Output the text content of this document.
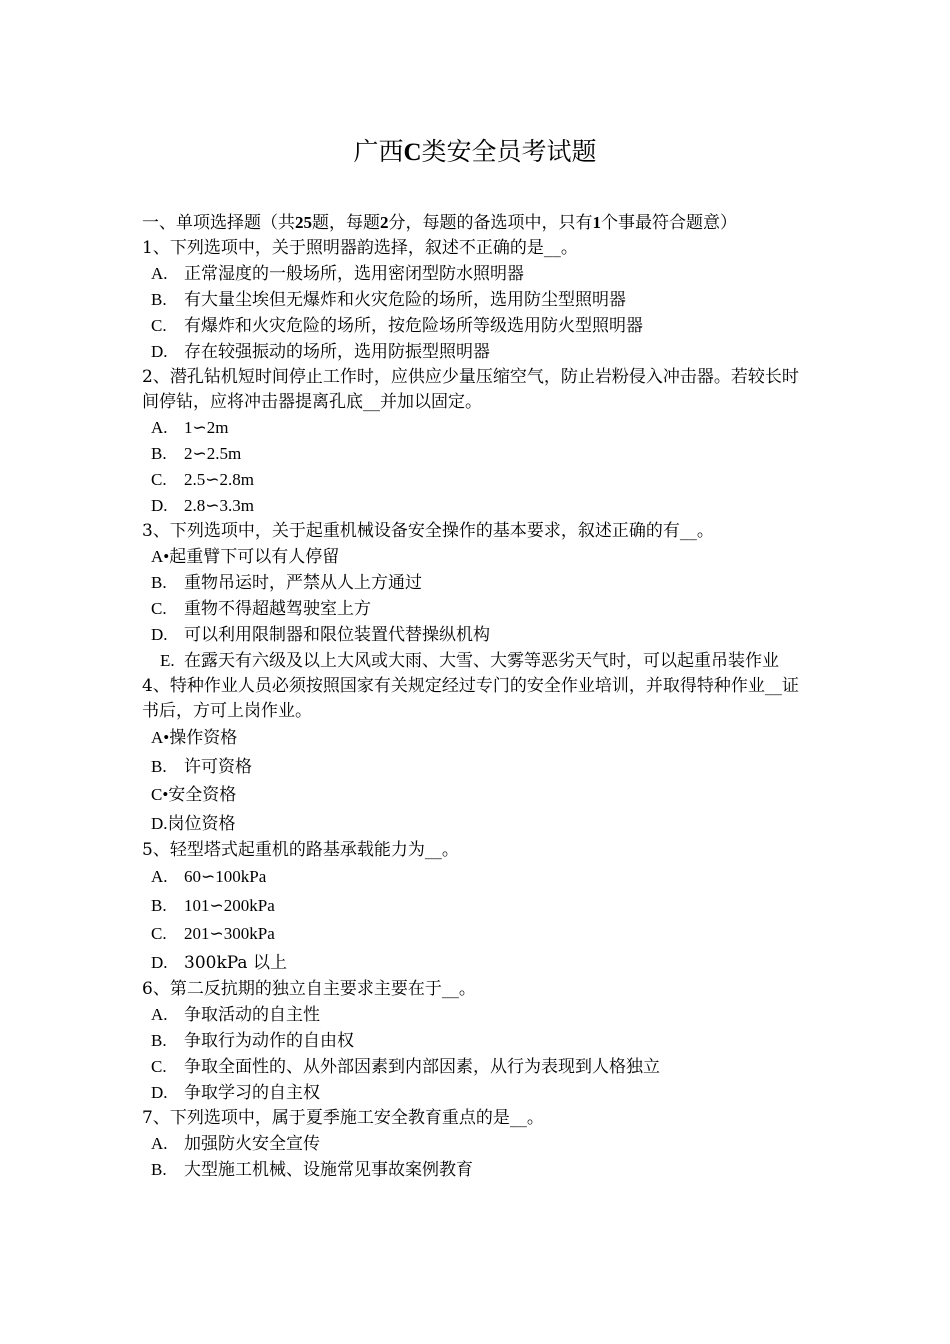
广西C类安全员考试题

一、单项选择题（共25题，每题2分，每题的备选项中，只有1个事最符合题意）

1、下列选项中，关于照明器韵选择，叙述不正确的是__。

A. 正常湿度的一般场所，选用密闭型防水照明器

B. 有大量尘埃但无爆炸和火灾危险的场所，选用防尘型照明器

C. 有爆炸和火灾危险的场所，按危险场所等级选用防火型照明器

D. 存在较强振动的场所，选用防振型照明器

2、潜孔钻机短时间停止工作时，应供应少量压缩空气，防止岩粉侵入冲击器。若较长时间停钻，应将冲击器提离孔底__并加以固定。

A. 1∽2m

B. 2∽2.5m

C. 2.5∽2.8m

D. 2.8∽3.3m

3、下列选项中，关于起重机械设备安全操作的基本要求，叙述正确的有__。

A•起重臂下可以有人停留

B. 重物吊运时，严禁从人上方通过

C. 重物不得超越驾驶室上方

D. 可以利用限制器和限位装置代替操纵机构

E. 在露天有六级及以上大风或大雨、大雪、大雾等恶劣天气时，可以起重吊装作业

4、特种作业人员必须按照国家有关规定经过专门的安全作业培训，并取得特种作业__证书后，方可上岗作业。

A•操作资格

B. 许可资格

C•安全资格

D.岗位资格

5、轻型塔式起重机的路基承载能力为__。

A. 60∽100kPa

B. 101∽200kPa

C. 201∽300kPa

D. 300kPa 以上

6、第二反抗期的独立自主要求主要在于__。

A. 争取活动的自主性

B. 争取行为动作的自由权

C. 争取全面性的、从外部因素到内部因素，从行为表现到人格独立

D. 争取学习的自主权

7、下列选项中，属于夏季施工安全教育重点的是__。

A. 加强防火安全宣传

B. 大型施工机械、设施常见事故案例教育
